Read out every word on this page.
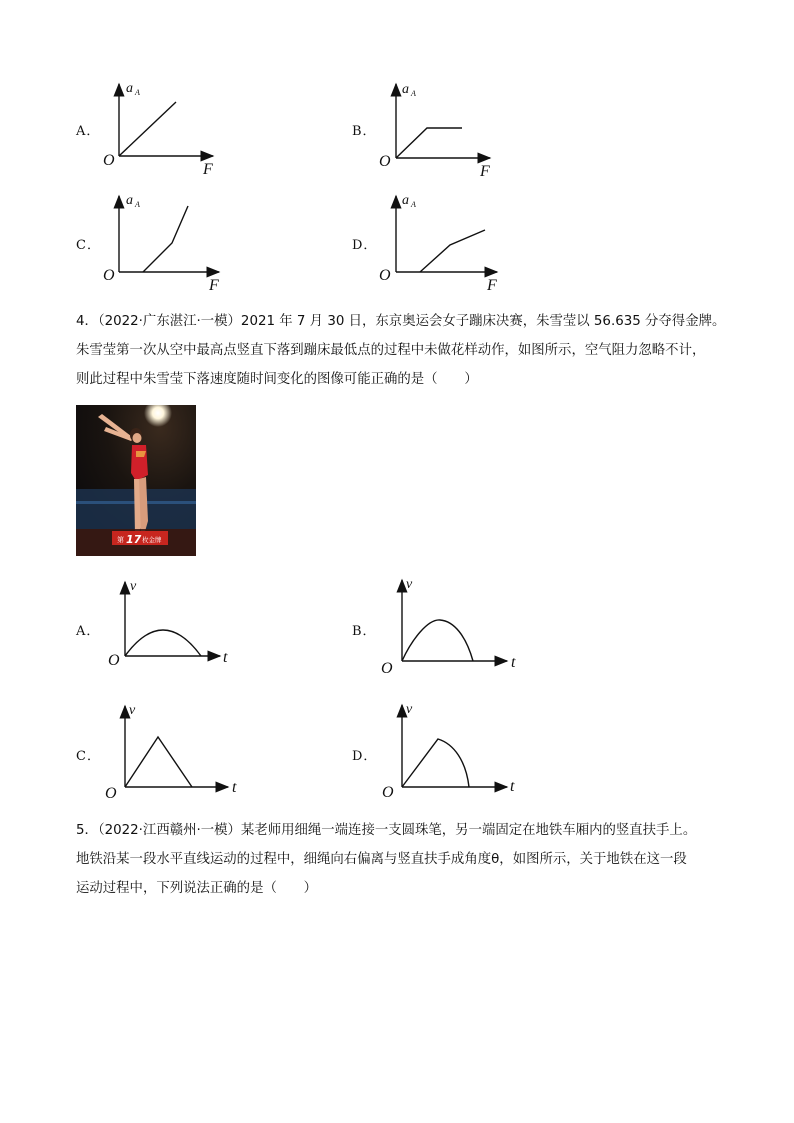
A．
a A
F
O
B．
a A
F
O
C．
a A
F
O
D．
a A
F
O

4．（2022·广东湛江·一模）2021 年 7 月 30 日，东京奥运会女子蹦床决赛，朱雪莹以 56.635 分夺得金牌。

朱雪莹第一次从空中最高点竖直下落到蹦床最低点的过程中未做花样动作，如图所示，空气阻力忽略不计，

则此过程中朱雪莹下落速度随时间变化的图像可能正确的是（　　）

第 17 枚金牌
A．
v
t
O
B．
v
t
O
C．
v
t
O
D．
v
t
O

5．（2022·江西赣州·一模）某老师用细绳一端连接一支圆珠笔，另一端固定在地铁车厢内的竖直扶手上。

地铁沿某一段水平直线运动的过程中，细绳向右偏离与竖直扶手成角度θ，如图所示，关于地铁在这一段

运动过程中，下列说法正确的是（　　）
